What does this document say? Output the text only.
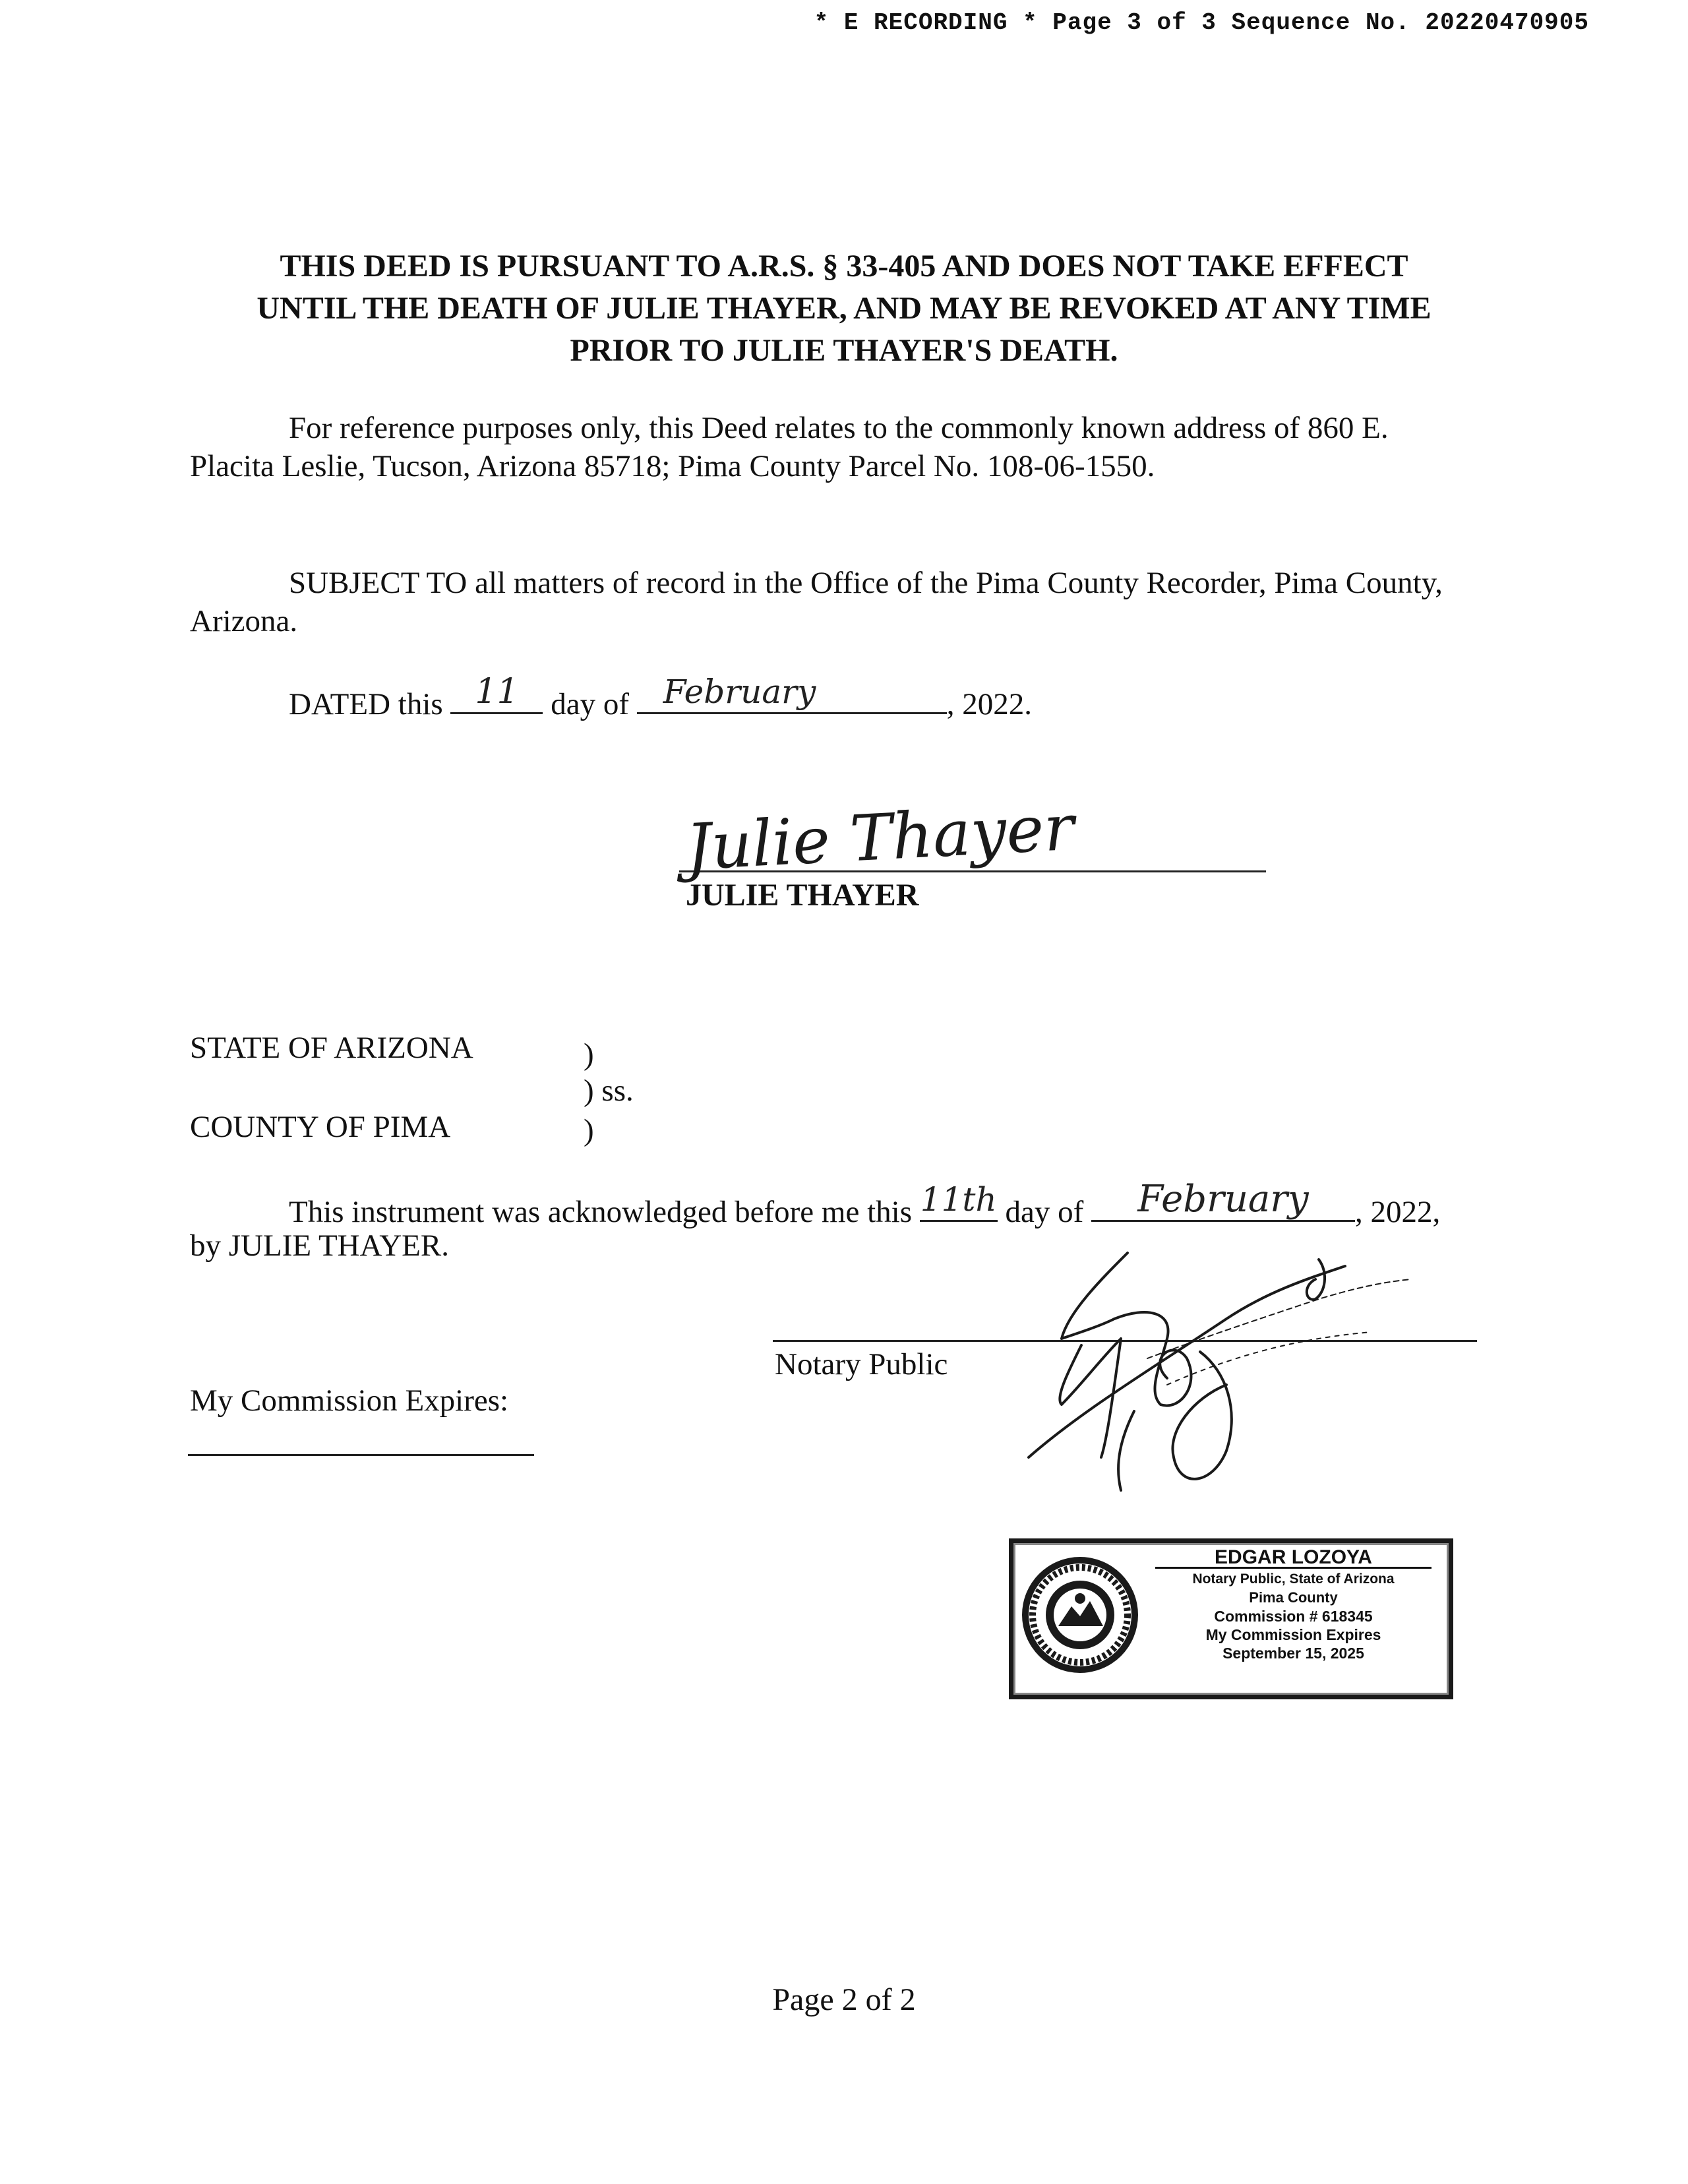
* E RECORDING * Page 3 of 3 Sequence No. 20220470905
THIS DEED IS PURSUANT TO A.R.S. § 33-405 AND DOES NOT TAKE EFFECT
UNTIL THE DEATH OF JULIE THAYER, AND MAY BE REVOKED AT ANY TIME
PRIOR TO JULIE THAYER'S DEATH.
For reference purposes only, this Deed relates to the commonly known address of 860 E.
Placita Leslie, Tucson, Arizona 85718; Pima County Parcel No. 108-06-1550.
SUBJECT TO all matters of record in the Office of the Pima County Recorder, Pima County,
Arizona.
DATED this 11	day of February	, 2022.
Julie Thayer
JULIE THAYER
STATE OF ARIZONA
COUNTY OF PIMA
)
) ss.
)
This instrument was acknowledged before me this 11th day of	February	, 2022,
by JULIE THAYER.
Notary Public
My Commission Expires:
EDGAR LOZOYA
Notary Public, State of Arizona
Pima County
Commission # 618345
My Commission Expires
September 15, 2025
Page 2 of 2
